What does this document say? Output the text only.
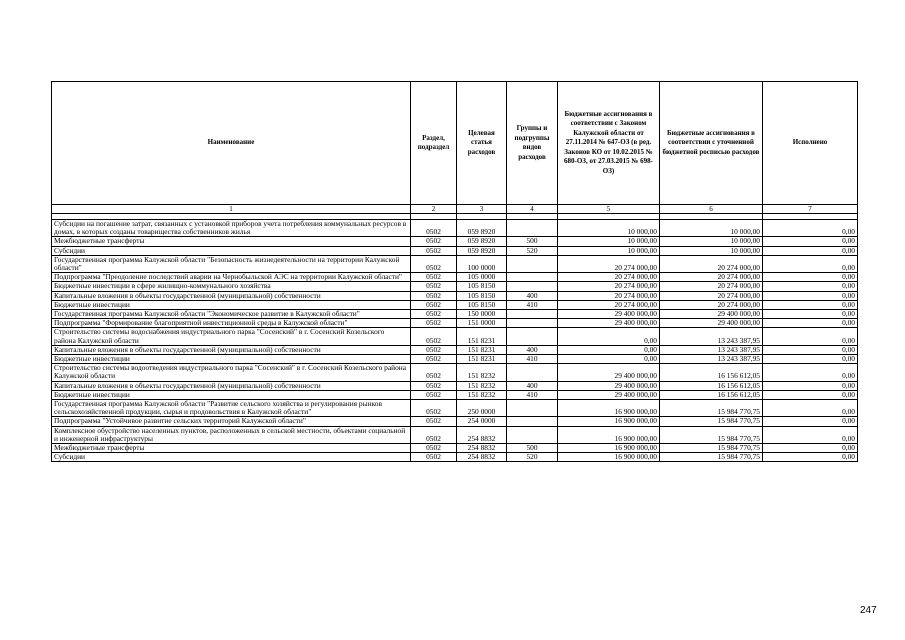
Наименование	Раздел, подраздел	Целевая статья расходов	Группы и подгруппы видов расходов	Бюджетные ассигнования в соответствии с Законом Калужской области от 27.11.2014 № 647-ОЗ (в ред. Законов КО от 10.02.2015 № 680-ОЗ, от 27.03.2015 № 698-ОЗ)	Бюджетные ассигнования в соответствии с уточненной бюджетной росписью расходов	Исполнено
1	2	3	4	5	6	7

Субсидии на погашение затрат, связанных с установкой приборов учета потребления коммунальных ресурсов в домах, в которых созданы товарищества собственников жилья	0502	059 8920		10 000,00	10 000,00	0,00
Межбюджетные трансферты	0502	059 8920	500	10 000,00	10 000,00	0,00
Субсидии	0502	059 8920	520	10 000,00	10 000,00	0,00
Государственная программа Калужской области "Безопасность жизнедеятельности на территории Калужской области"	0502	100 0000		20 274 000,00	20 274 000,00	0,00
Подпрограмма "Преодоление последствий аварии на Чернобыльской АЭС на территории Калужской области"	0502	105 0000		20 274 000,00	20 274 000,00	0,00
Бюджетные инвестиции в сфере жилищно-коммунального хозяйства	0502	105 8150		20 274 000,00	20 274 000,00	0,00
Капитальные вложения в объекты государственной (муниципальной) собственности	0502	105 8150	400	20 274 000,00	20 274 000,00	0,00
Бюджетные инвестиции	0502	105 8150	410	20 274 000,00	20 274 000,00	0,00
Государственная программа Калужской области "Экономическое развитие в Калужской области"	0502	150 0000		29 400 000,00	29 400 000,00	0,00
Подпрограмма "Формирование благоприятной инвестиционной среды в Калужской области"	0502	151 0000		29 400 000,00	29 400 000,00	0,00
Строительство системы водоснабжения индустриального парка "Сосенский" в г. Сосенский Козельского района Калужской области	0502	151 8231		0,00	13 243 387,95	0,00
Капитальные вложения в объекты государственной (муниципальной) собственности	0502	151 8231	400	0,00	13 243 387,95	0,00
Бюджетные инвестиции	0502	151 8231	410	0,00	13 243 387,95	0,00
Строительство системы водоотведения индустриального парка "Сосенский" в г. Сосенский Козельского района Калужской области	0502	151 8232		29 400 000,00	16 156 612,05	0,00
Капитальные вложения в объекты государственной (муниципальной) собственности	0502	151 8232	400	29 400 000,00	16 156 612,05	0,00
Бюджетные инвестиции	0502	151 8232	410	29 400 000,00	16 156 612,05	0,00
Государственная программа Калужской области "Развитие сельского хозяйства и регулирования рынков сельскохозяйственной продукции, сырья и продовольствия в Калужской области"	0502	250 0000		16 900 000,00	15 984 770,75	0,00
Подпрограмма "Устойчивое развитие сельских территорий Калужской области"	0502	254 0000		16 900 000,00	15 984 770,75	0,00
Комплексное обустройство населенных пунктов, расположенных в сельской местности, объектами социальной и инженерной инфраструктуры	0502	254 8832		16 900 000,00	15 984 770,75	0,00
Межбюджетные трансферты	0502	254 8832	500	16 900 000,00	15 984 770,75	0,00
Субсидии	0502	254 8832	520	16 900 000,00	15 984 770,75	0,00
247
